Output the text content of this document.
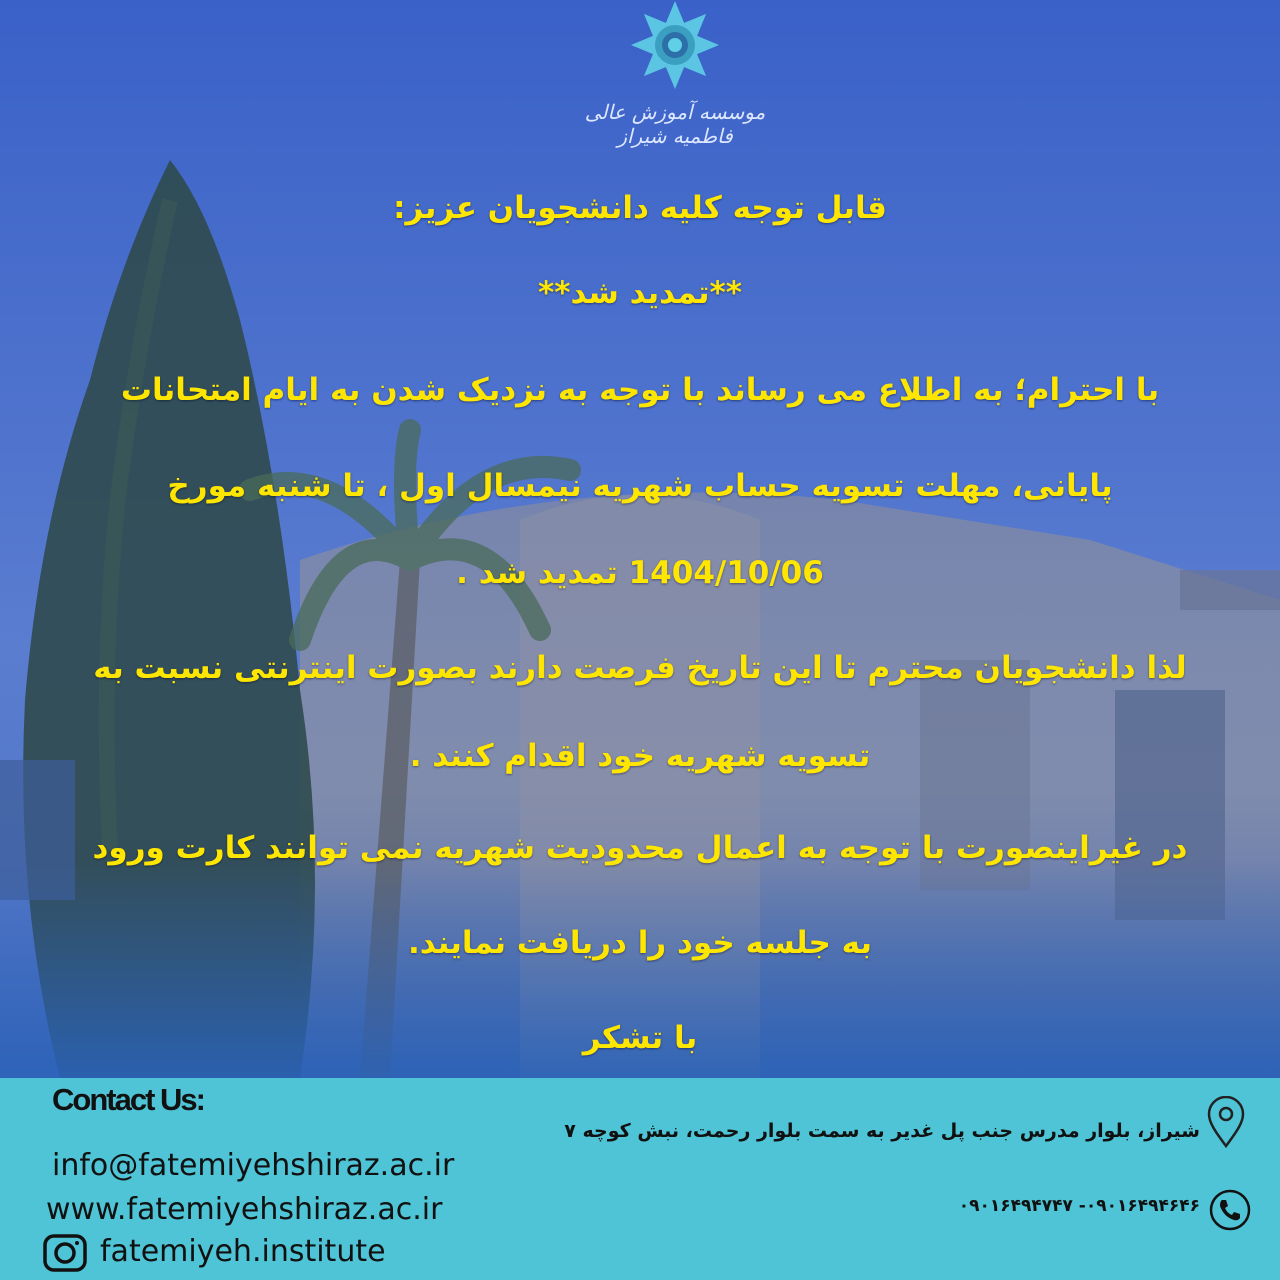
موسسه آموزش عالی فاطمیه شیراز
قابل توجه کلیه دانشجویان عزیز:
**تمدید شد**
با احترام؛ به اطلاع می رساند با توجه به نزدیک شدن به ایام امتحانات
پایانی، مهلت تسویه حساب شهریه نیمسال اول ، تا شنبه مورخ
1404/10/06 تمدید شد .
لذا دانشجویان محترم تا این تاریخ فرصت دارند بصورت اینترنتی نسبت به
تسویه شهریه خود اقدام کنند .
در غیراینصورت با توجه به اعمال محدودیت شهریه نمی توانند کارت ورود
به جلسه خود را دریافت نمایند.
با تشکر
Contact Us:
info@fatemiyehshiraz.ac.ir
www.fatemiyehshiraz.ac.ir
fatemiyeh.institute
شیراز، بلوار مدرس جنب پل غدیر به سمت بلوار رحمت، نبش کوچه ۷
۰۹۰۱۶۴۹۴۶۴۶- ۰۹۰۱۶۴۹۴۷۴۷
